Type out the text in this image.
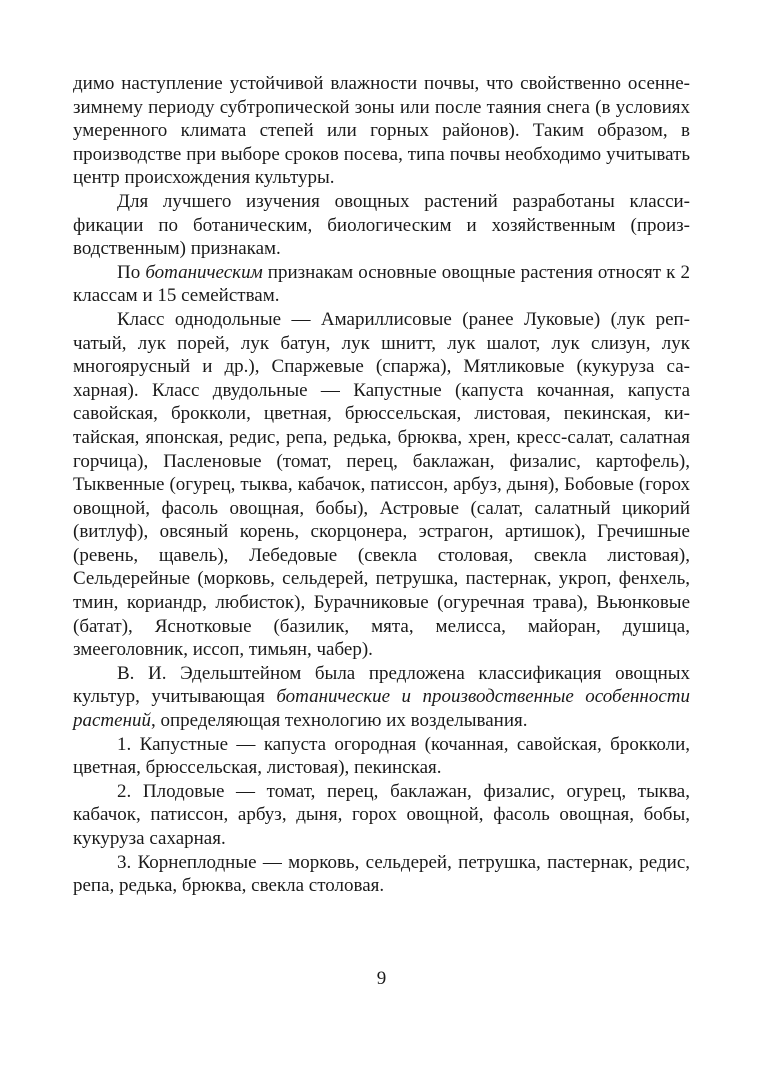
димо наступление устойчивой влажности почвы, что свойственно осенне-зимнему периоду субтропической зоны или после таяния снега (в условиях умеренного климата степей или горных районов). Таким образом, в производстве при выборе сроков посева, типа почвы необходимо учитывать центр происхождения культуры.

Для лучшего изучения овощных растений разработаны классификации по ботаническим, биологическим и хозяйственным (производственным) признакам.

По ботаническим признакам основные овощные растения относят к 2 классам и 15 семействам.

Класс однодольные — Амариллисовые (ранее Луковые) (лук репчатый, лук порей, лук батун, лук шнитт, лук шалот, лук слизун, лук многоярусный и др.), Спаржевые (спаржа), Мятликовые (кукуруза сахарная). Класс двудольные — Капустные (капуста кочанная, капуста савойская, брокколи, цветная, брюссельская, листовая, пекинская, китайская, японская, редис, репа, редька, брюква, хрен, кресс-салат, салатная горчица), Пасленовые (томат, перец, баклажан, физалис, картофель), Тыквенные (огурец, тыква, кабачок, патиссон, арбуз, дыня), Бобовые (горох овощной, фасоль овощная, бобы), Астровые (салат, салатный цикорий (витлуф), овсяный корень, скорцонера, эстрагон, артишок), Гречишные (ревень, щавель), Лебедовые (свекла столовая, свекла листовая), Сельдерейные (морковь, сельдерей, петрушка, пастернак, укроп, фенхель, тмин, кориандр, любисток), Бурачниковые (огуречная трава), Вьюнковые (батат), Яснотковые (базилик, мята, мелисса, майоран, душица, змееголовник, иссоп, тимьян, чабер).

В. И. Эдельштейном была предложена классификация овощных культур, учитывающая ботанические и производственные особенности растений, определяющая технологию их возделывания.

1. Капустные — капуста огородная (кочанная, савойская, брокколи, цветная, брюссельская, листовая), пекинская.

2. Плодовые — томат, перец, баклажан, физалис, огурец, тыква, кабачок, патиссон, арбуз, дыня, горох овощной, фасоль овощная, бобы, кукуруза сахарная.

3. Корнеплодные — морковь, сельдерей, петрушка, пастернак, редис, репа, редька, брюква, свекла столовая.

9
